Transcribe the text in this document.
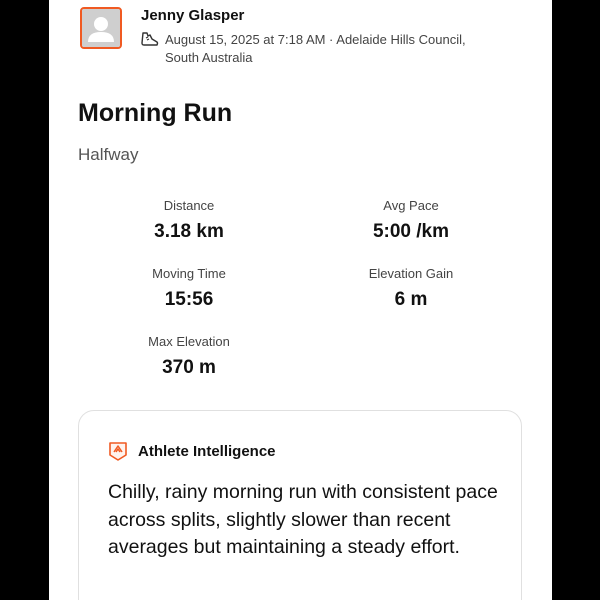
Jenny Glasper
August 15, 2025 at 7:18 AM · Adelaide Hills Council, South Australia
Morning Run
Halfway
Distance
3.18 km
Avg Pace
5:00 /km
Moving Time
15:56
Elevation Gain
6 m
Max Elevation
370 m
Athlete Intelligence
Chilly, rainy morning run with consistent pace across splits, slightly slower than recent averages but maintaining a steady effort.
